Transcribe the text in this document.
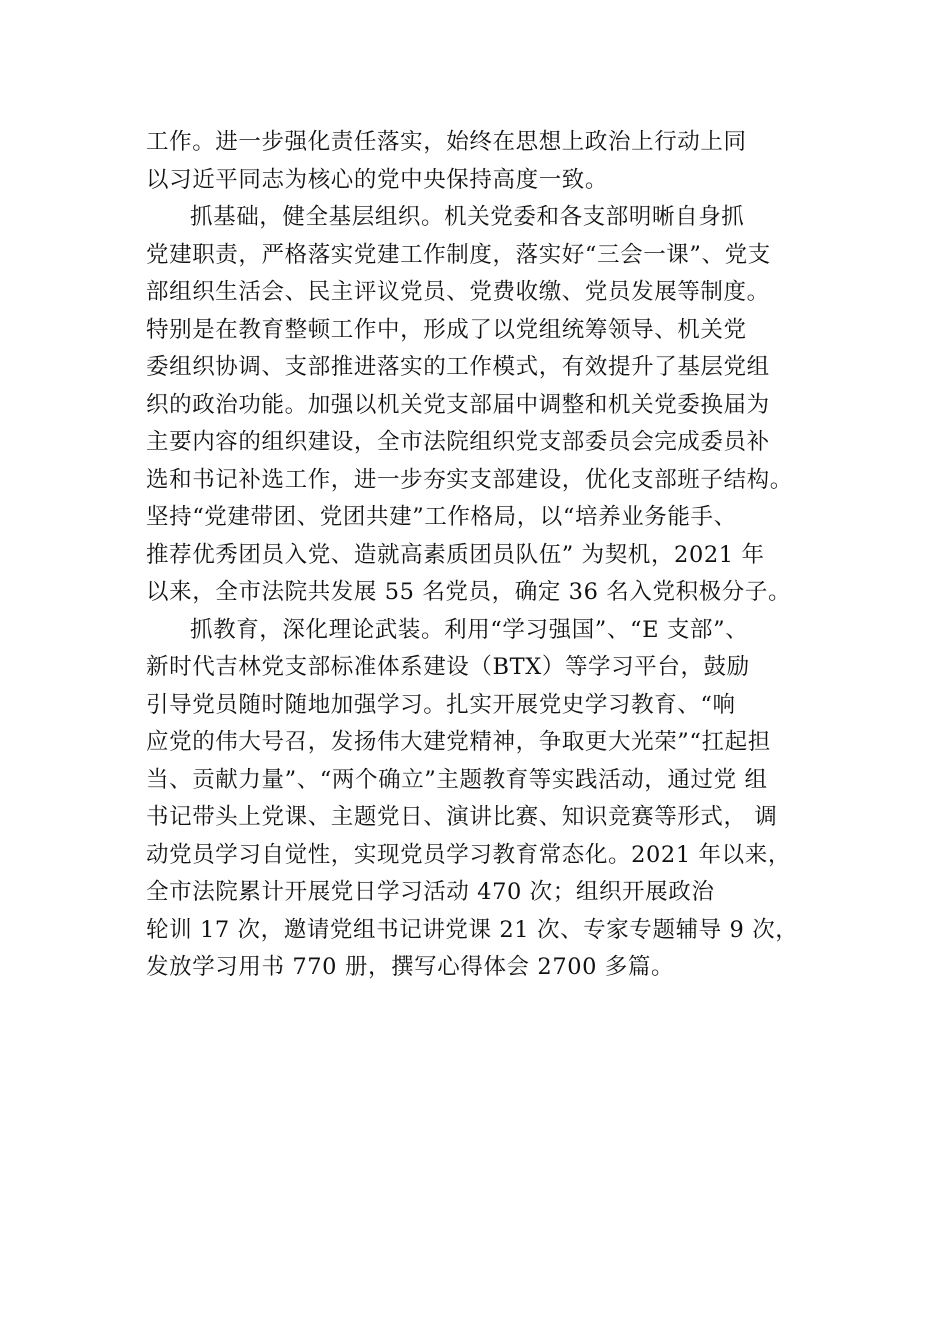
工作。进一步强化责任落实，始终在思想上政治上行动上同
以习近平同志为核心的党中央保持高度一致。
抓基础，健全基层组织。机关党委和各支部明晰自身抓
党建职责，严格落实党建工作制度，落实好“三会一课”、党支
部组织生活会、民主评议党员、党费收缴、党员发展等制度。
特别是在教育整顿工作中，形成了以党组统筹领导、机关党
委组织协调、支部推进落实的工作模式，有效提升了基层党组
织的政治功能。加强以机关党支部届中调整和机关党委换届为
主要内容的组织建设，全市法院组织党支部委员会完成委员补
选和书记补选工作，进一步夯实支部建设，优化支部班子结构。
坚持“党建带团、党团共建”工作格局，以“培养业务能手、
推荐优秀团员入党、造就高素质团员队伍” 为契机，2021 年
以来，全市法院共发展 55 名党员，确定 36 名入党积极分子。
抓教育，深化理论武装。利用“学习强国”、“E 支部”、
新时代吉林党支部标准体系建设（BTX）等学习平台，鼓励
引导党员随时随地加强学习。扎实开展党史学习教育、“响
应党的伟大号召，发扬伟大建党精神，争取更大光荣”“扛起担
当、贡献力量”、“两个确立”主题教育等实践活动，通过党 组
书记带头上党课、主题党日、演讲比赛、知识竞赛等形式， 调
动党员学习自觉性，实现党员学习教育常态化。2021 年以来，
全市法院累计开展党日学习活动 470 次；组织开展政治
轮训 17 次，邀请党组书记讲党课 21 次、专家专题辅导 9 次，
发放学习用书 770 册，撰写心得体会 2700 多篇。
